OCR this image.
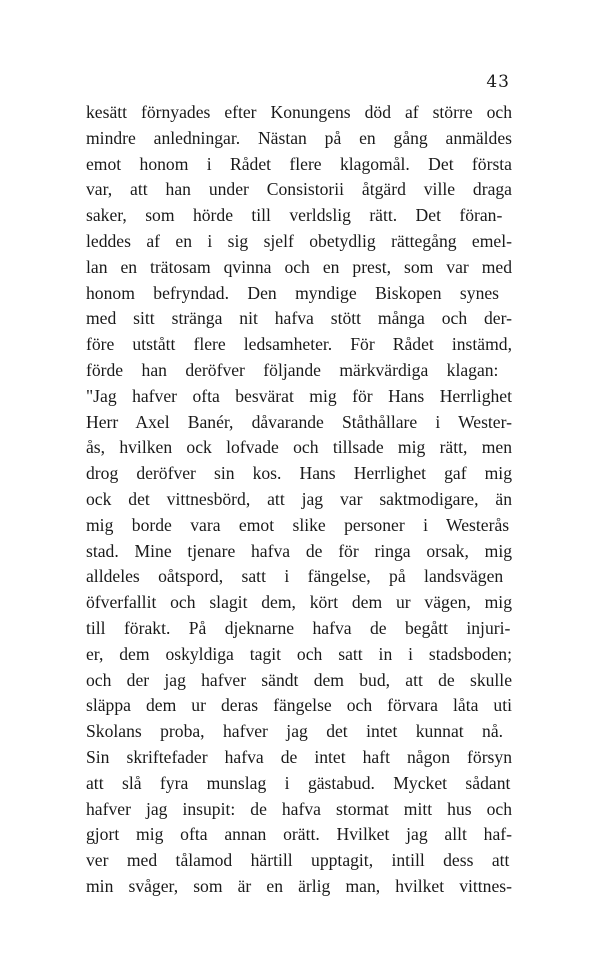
43
kesätt förnyades efter Konungens död af större och
mindre anledningar. Nästan på en gång anmäldes
emot honom i Rådet flere klagomål. Det första
var, att han under Consistorii åtgärd ville draga
saker, som hörde till verldslig rätt. Det föran-
leddes af en i sig sjelf obetydlig rättegång emel-
lan en trätosam qvinna och en prest, som var med
honom befryndad. Den myndige Biskopen synes
med sitt stränga nit hafva stött många och der-
före utstått flere ledsamheter. För Rådet instämd,
förde han deröfver följande märkvärdiga klagan:
"Jag hafver ofta besvärat mig för Hans Herrlighet
Herr Axel Banér, dåvarande Ståthållare i Wester-
ås, hvilken ock lofvade och tillsade mig rätt, men
drog deröfver sin kos. Hans Herrlighet gaf mig
ock det vittnesbörd, att jag var saktmodigare, än
mig borde vara emot slike personer i Westerås
stad. Mine tjenare hafva de för ringa orsak, mig
alldeles oåtspord, satt i fängelse, på landsvägen
öfverfallit och slagit dem, kört dem ur vägen, mig
till förakt. På djeknarne hafva de begått injuri-
er, dem oskyldiga tagit och satt in i stadsboden;
och der jag hafver sändt dem bud, att de skulle
släppa dem ur deras fängelse och förvara låta uti
Skolans proba, hafver jag det intet kunnat nå.
Sin skriftefader hafva de intet haft någon försyn
att slå fyra munslag i gästabud. Mycket sådant
hafver jag insupit: de hafva stormat mitt hus och
gjort mig ofta annan orätt. Hvilket jag allt haf-
ver med tålamod härtill upptagit, intill dess att
min svåger, som är en ärlig man, hvilket vittnes-
